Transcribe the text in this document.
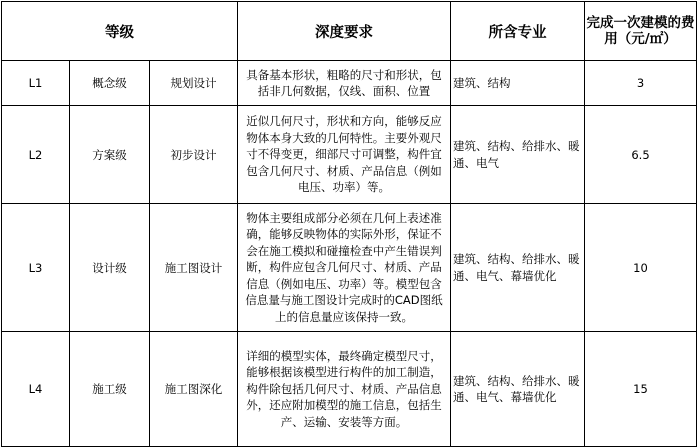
等级			深度要求	所含专业	完成一次建模的费用（元/㎡）
L1	概念级	规划设计	具备基本形状，粗略的尺寸和形状，包括非几何数据，仅线、面积、位置	建筑、结构	3
L2	方案级	初步设计	近似几何尺寸，形状和方向，能够反应物体本身大致的几何特性。主要外观尺寸不得变更，细部尺寸可调整，构件宜包含几何尺寸、材质、产品信息（例如电压、功率）等。	建筑、结构、给排水、暖通、电气	6.5
L3	设计级	施工图设计	物体主要组成部分必须在几何上表述准确，能够反映物体的实际外形，保证不会在施工模拟和碰撞检查中产生错误判断，构件应包含几何尺寸、材质、产品信息（例如电压、功率）等。模型包含信息量与施工图设计完成时的CAD图纸上的信息量应该保持一致。	建筑、结构、给排水、暖通、电气、幕墙优化	10
L4	施工级	施工图深化	详细的模型实体，最终确定模型尺寸，能够根据该模型进行构件的加工制造，构件除包括几何尺寸、材质、产品信息外，还应附加模型的施工信息，包括生产、运输、安装等方面。	建筑、结构、给排水、暖通、电气、幕墙优化	15
